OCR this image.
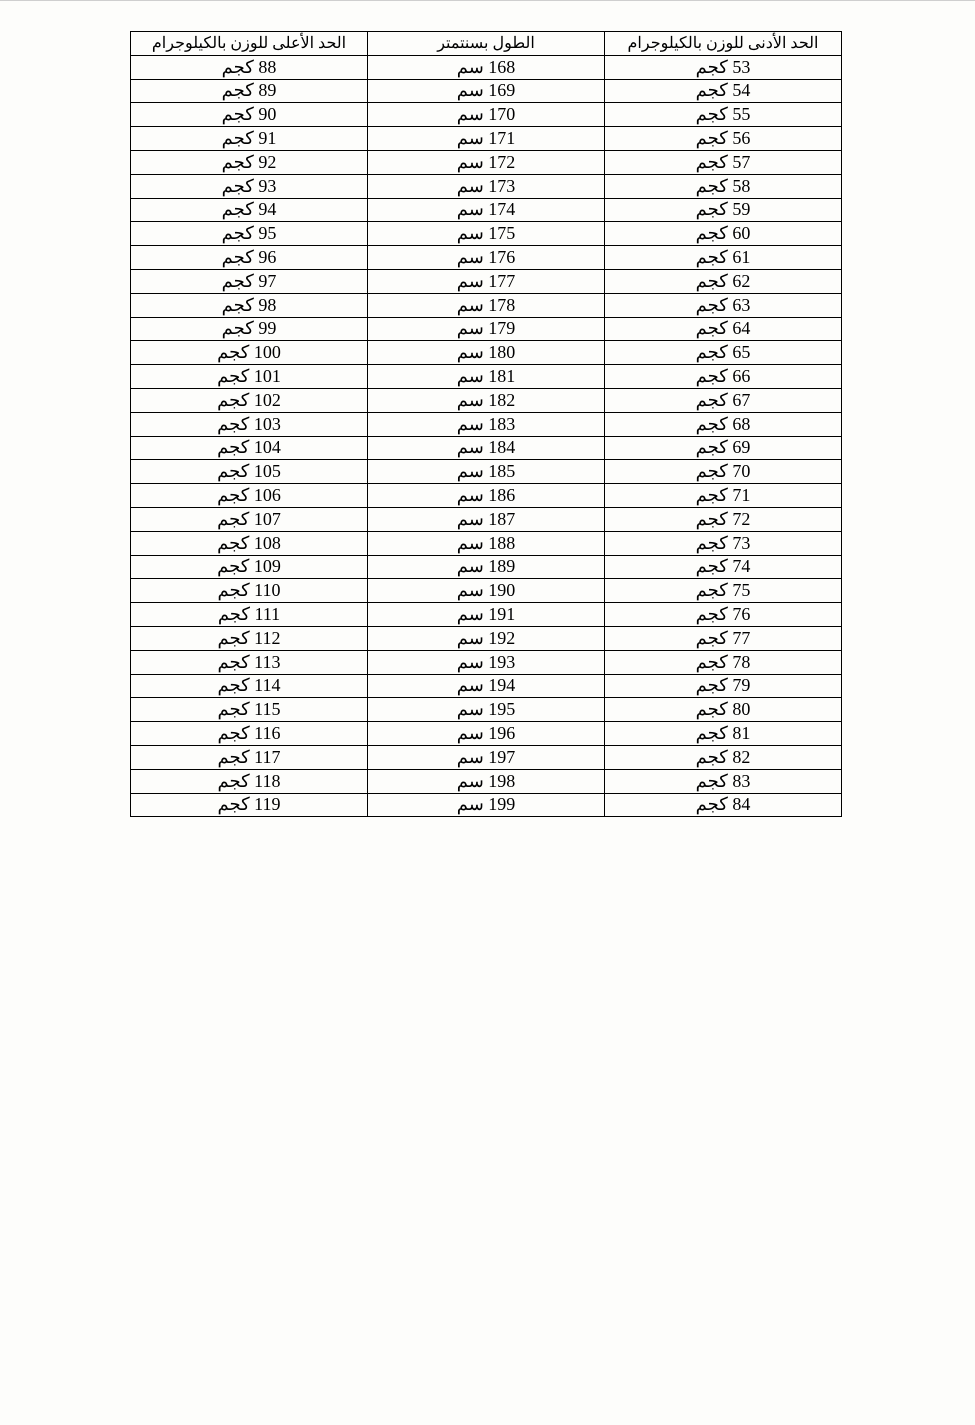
الحد الأعلى للوزن بالكيلوجرام	الطول بسنتمتر	الحد الأدنى للوزن بالكيلوجرام
88 كجم	168 سم	53 كجم
89 كجم	169 سم	54 كجم
90 كجم	170 سم	55 كجم
91 كجم	171 سم	56 كجم
92 كجم	172 سم	57 كجم
93 كجم	173 سم	58 كجم
94 كجم	174 سم	59 كجم
95 كجم	175 سم	60 كجم
96 كجم	176 سم	61 كجم
97 كجم	177 سم	62 كجم
98 كجم	178 سم	63 كجم
99 كجم	179 سم	64 كجم
100 كجم	180 سم	65 كجم
101 كجم	181 سم	66 كجم
102 كجم	182 سم	67 كجم
103 كجم	183 سم	68 كجم
104 كجم	184 سم	69 كجم
105 كجم	185 سم	70 كجم
106 كجم	186 سم	71 كجم
107 كجم	187 سم	72 كجم
108 كجم	188 سم	73 كجم
109 كجم	189 سم	74 كجم
110 كجم	190 سم	75 كجم
111 كجم	191 سم	76 كجم
112 كجم	192 سم	77 كجم
113 كجم	193 سم	78 كجم
114 كجم	194 سم	79 كجم
115 كجم	195 سم	80 كجم
116 كجم	196 سم	81 كجم
117 كجم	197 سم	82 كجم
118 كجم	198 سم	83 كجم
119 كجم	199 سم	84 كجم
